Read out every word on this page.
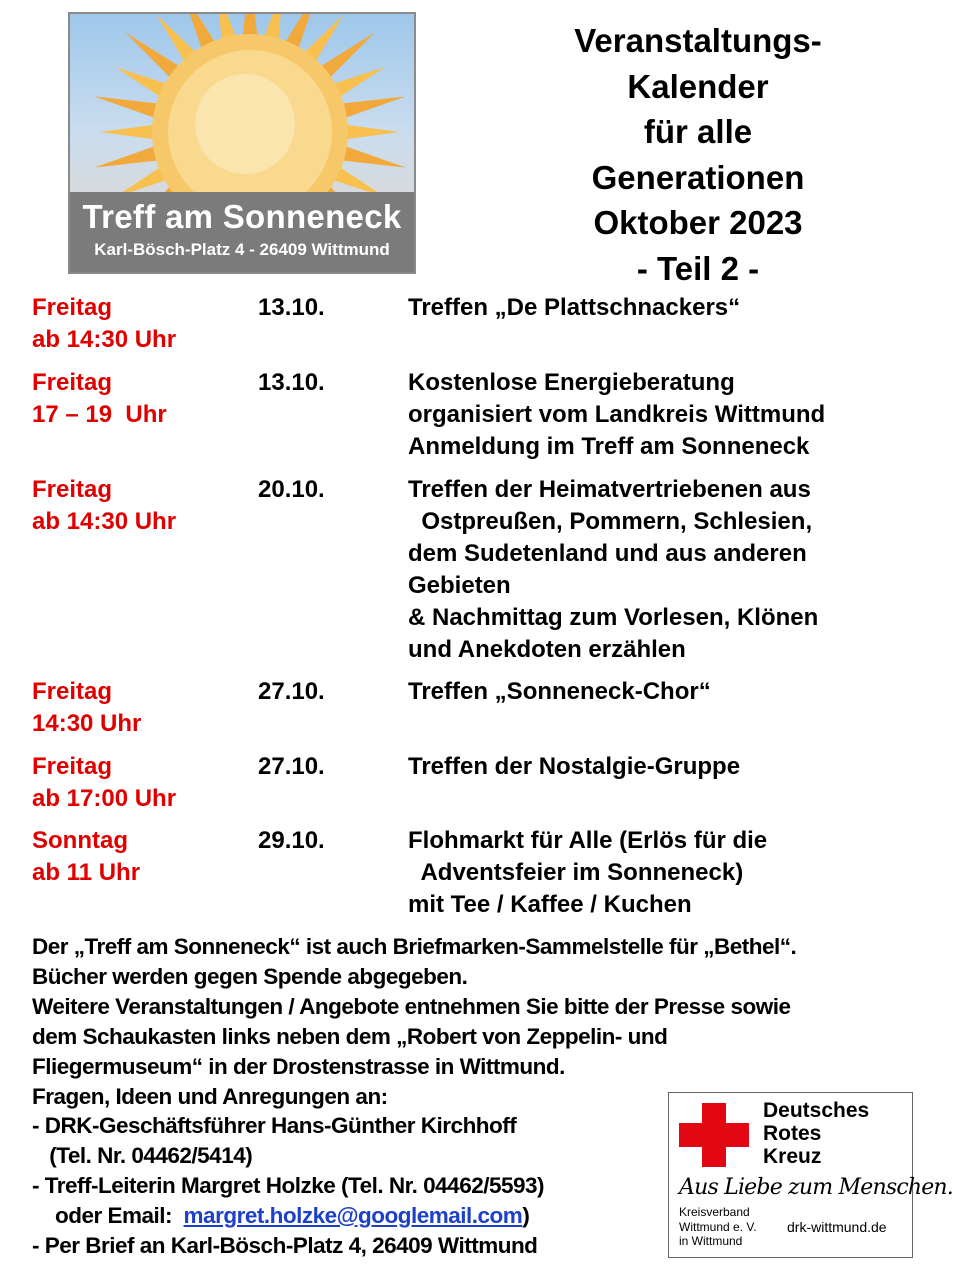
Treff am Sonneneck
Karl-Bösch-Platz 4 - 26409 Wittmund
Veranstaltungs-
Kalender
für alle
Generationen
Oktober 2023
- Teil 2 -
Freitag
ab 14:30 Uhr
13.10.	Treffen „De Plattschnackers“
Freitag
17 – 19  Uhr
13.10.	Kostenlose Energieberatung
organisiert vom Landkreis Wittmund
Anmeldung im Treff am Sonneneck
Freitag
ab 14:30 Uhr
20.10.	Treffen der Heimatvertriebenen aus
Ostpreußen, Pommern, Schlesien,
dem Sudetenland und aus anderen
Gebieten
& Nachmittag zum Vorlesen, Klönen
und Anekdoten erzählen
Freitag
14:30 Uhr
27.10.	Treffen „Sonneneck-Chor“
Freitag
ab 17:00 Uhr
27.10.	Treffen der Nostalgie-Gruppe
Sonntag
ab 11 Uhr
29.10.	Flohmarkt für Alle (Erlös für die
Adventsfeier im Sonneneck)
mit Tee / Kaffee / Kuchen
Der „Treff am Sonneneck“ ist auch Briefmarken-Sammelstelle für „Bethel“.
Bücher werden gegen Spende abgegeben.
Weitere Veranstaltungen / Angebote entnehmen Sie bitte der Presse sowie
dem Schaukasten links neben dem „Robert von Zeppelin- und
Fliegermuseum“ in der Drostenstrasse in Wittmund.
Fragen, Ideen und Anregungen an:
- DRK-Geschäftsführer Hans-Günther Kirchhoff
(Tel. Nr. 04462/5414)
- Treff-Leiterin Margret Holzke (Tel. Nr. 04462/5593)
oder Email:  margret.holzke@googlemail.com)
- Per Brief an Karl-Bösch-Platz 4, 26409 Wittmund
Deutsches
Rotes
Kreuz
Aus Liebe zum Menschen.
Kreisverband
Wittmund e. V.
in Wittmund
drk-wittmund.de
